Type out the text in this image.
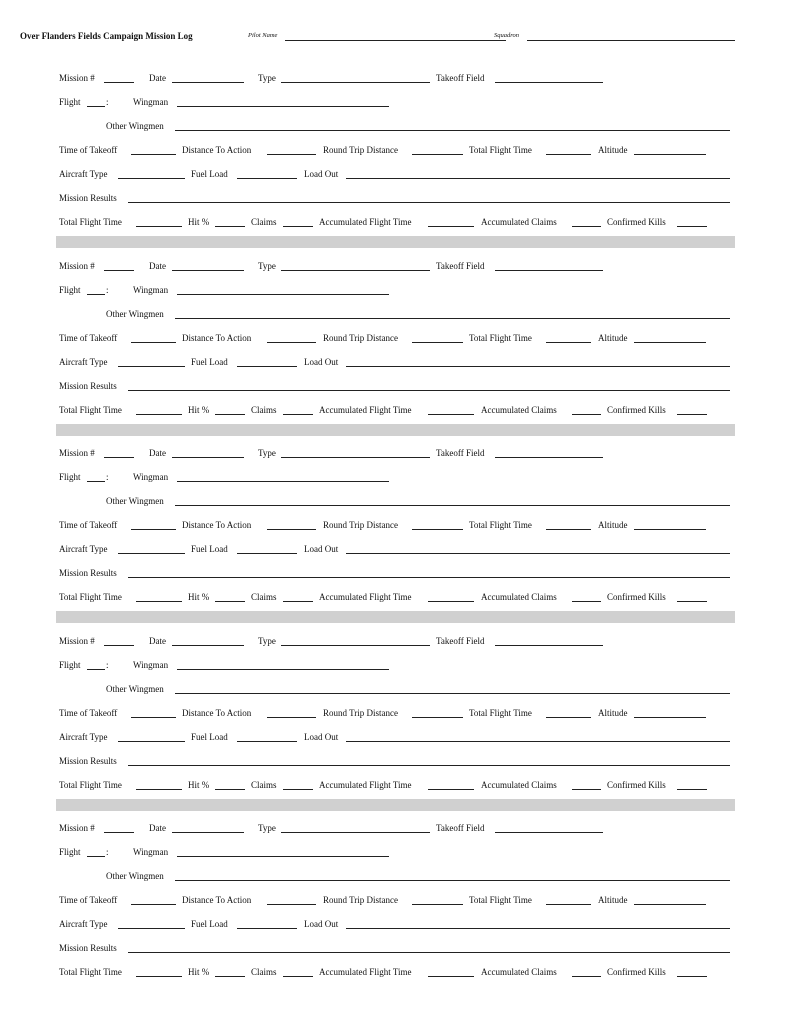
Over Flanders Fields Campaign Mission Log	Pilot Name	Squadron
Mission #	Date	Type	Takeoff Field
Flight	:	Wingman
Other Wingmen
Time of Takeoff	Distance To Action	Round Trip Distance	Total Flight Time	Altitude
Aircraft Type	Fuel Load	Load Out
Mission Results
Total Flight Time	Hit %	Claims	Accumulated Flight Time	Accumulated Claims	Confirmed Kills
Mission #	Date	Type	Takeoff Field
Flight	:	Wingman
Other Wingmen
Time of Takeoff	Distance To Action	Round Trip Distance	Total Flight Time	Altitude
Aircraft Type	Fuel Load	Load Out
Mission Results
Total Flight Time	Hit %	Claims	Accumulated Flight Time	Accumulated Claims	Confirmed Kills
Mission #	Date	Type	Takeoff Field
Flight	:	Wingman
Other Wingmen
Time of Takeoff	Distance To Action	Round Trip Distance	Total Flight Time	Altitude
Aircraft Type	Fuel Load	Load Out
Mission Results
Total Flight Time	Hit %	Claims	Accumulated Flight Time	Accumulated Claims	Confirmed Kills
Mission #	Date	Type	Takeoff Field
Flight	:	Wingman
Other Wingmen
Time of Takeoff	Distance To Action	Round Trip Distance	Total Flight Time	Altitude
Aircraft Type	Fuel Load	Load Out
Mission Results
Total Flight Time	Hit %	Claims	Accumulated Flight Time	Accumulated Claims	Confirmed Kills
Mission #	Date	Type	Takeoff Field
Flight	:	Wingman
Other Wingmen
Time of Takeoff	Distance To Action	Round Trip Distance	Total Flight Time	Altitude
Aircraft Type	Fuel Load	Load Out
Mission Results
Total Flight Time	Hit %	Claims	Accumulated Flight Time	Accumulated Claims	Confirmed Kills
